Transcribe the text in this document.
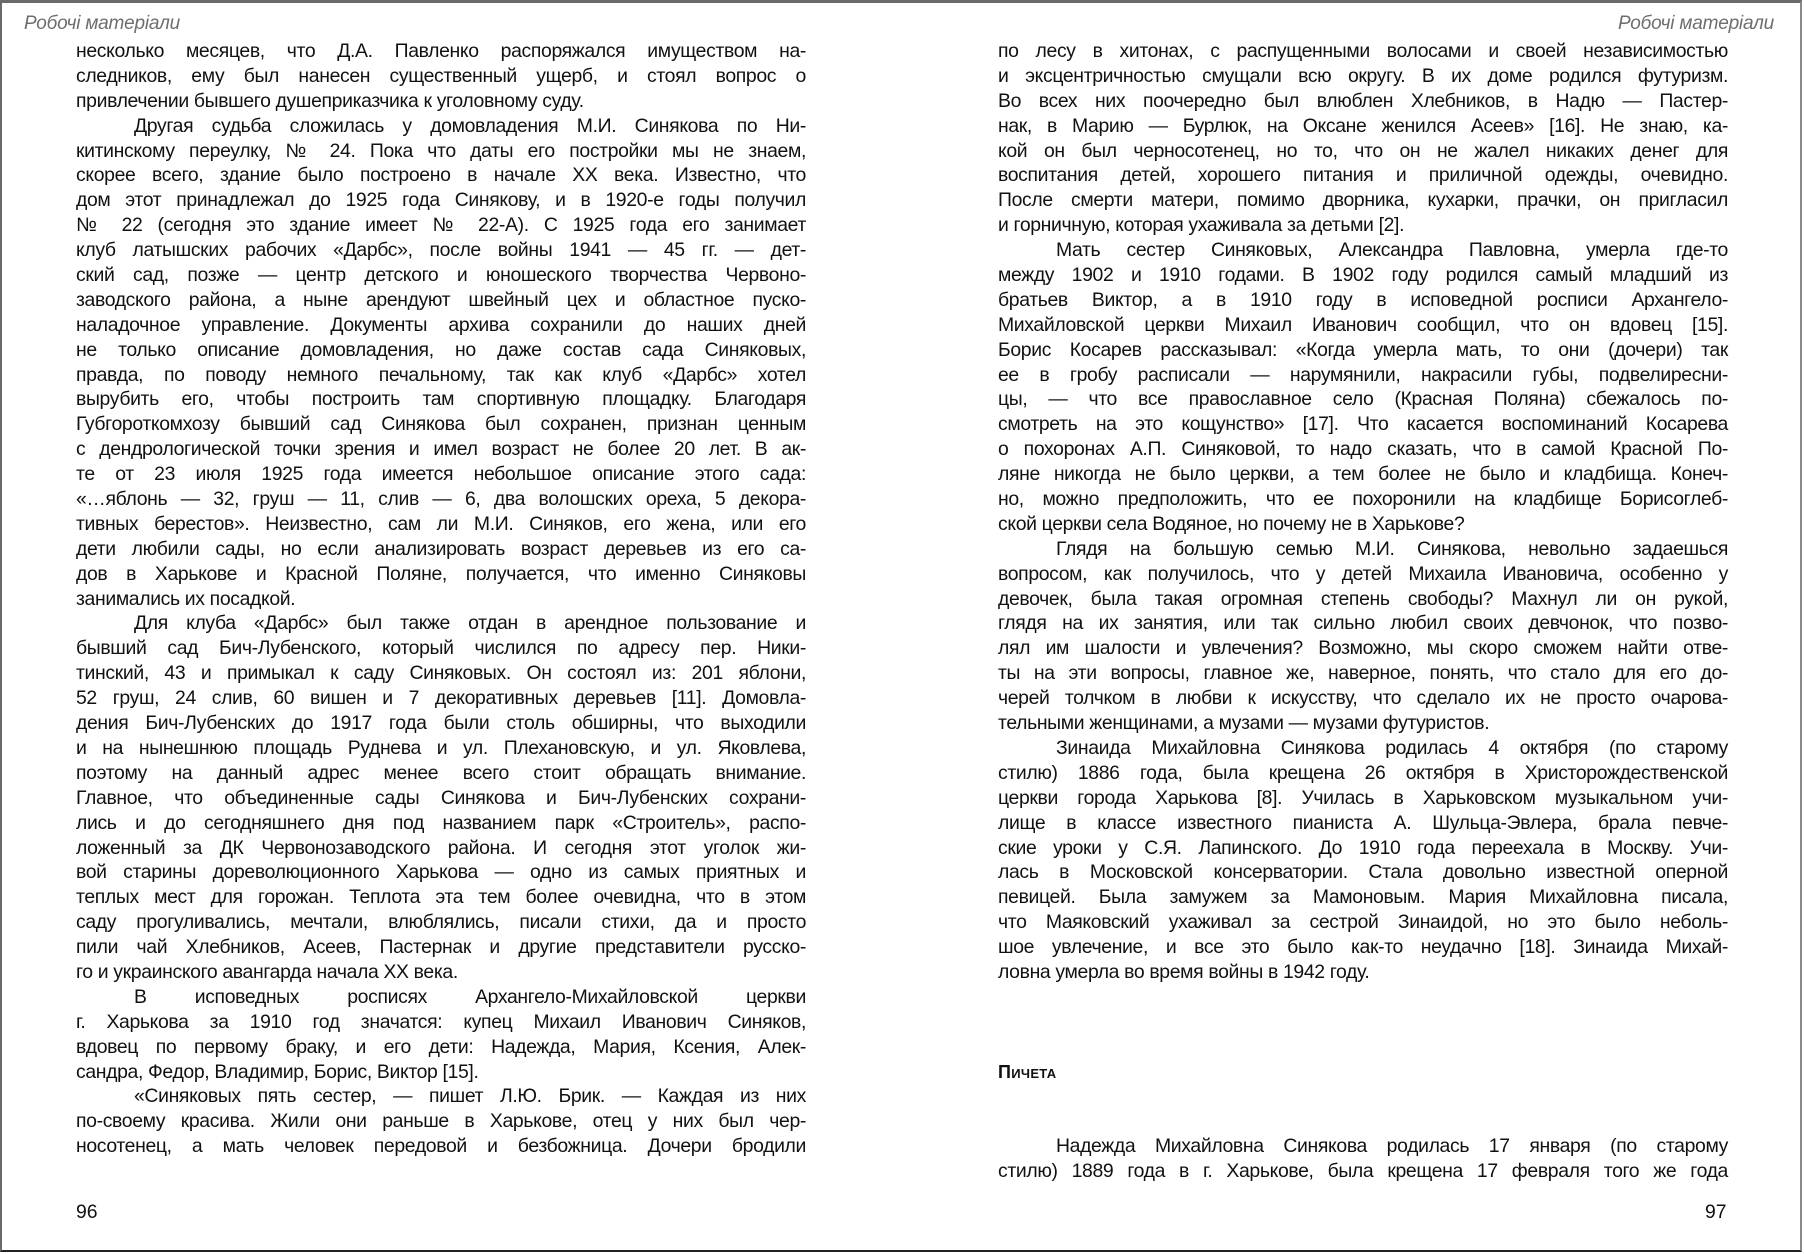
Робочі матеріали
несколько месяцев, что Д.А. Павленко распоряжался имуществом на-
следников, ему был нанесен существенный ущерб, и стоял вопрос о
привлечении бывшего душеприказчика к уголовному суду.
Другая судьба сложилась у домовладения М.И. Синякова по Ни-
китинскому переулку, № 24. Пока что даты его постройки мы не знаем,
скорее всего, здание было построено в начале XX века. Известно, что
дом этот принадлежал до 1925 года Синякову, и в 1920-е годы получил
№ 22 (сегодня это здание имеет № 22-А). С 1925 года его занимает
клуб латышских рабочих «Дарбс», после войны 1941 — 45 гг. — дет-
ский сад, позже — центр детского и юношеского творчества Червоно-
заводского района, а ныне арендуют швейный цех и областное пуско-
наладочное управление. Документы архива сохранили до наших дней
не только описание домовладения, но даже состав сада Синяковых,
правда, по поводу немного печальному, так как клуб «Дарбс» хотел
вырубить его, чтобы построить там спортивную площадку. Благодаря
Губгороткомхозу бывший сад Синякова был сохранен, признан ценным
с дендрологической точки зрения и имел возраст не более 20 лет. В ак-
те от 23 июля 1925 года имеется небольшое описание этого сада:
«…яблонь — 32, груш — 11, слив — 6, два волошских ореха, 5 декора-
тивных берестов». Неизвестно, сам ли М.И. Синяков, его жена, или его
дети любили сады, но если анализировать возраст деревьев из его са-
дов в Харькове и Красной Поляне, получается, что именно Синяковы
занимались их посадкой.
Для клуба «Дарбс» был также отдан в арендное пользование и
бывший сад Бич-Лубенского, который числился по адресу пер. Ники-
тинский, 43 и примыкал к саду Синяковых. Он состоял из: 201 яблони,
52 груш, 24 слив, 60 вишен и 7 декоративных деревьев [11]. Домовла-
дения Бич-Лубенских до 1917 года были столь обширны, что выходили
и на нынешнюю площадь Руднева и ул. Плехановскую, и ул. Яковлева,
поэтому на данный адрес менее всего стоит обращать внимание.
Главное, что объединенные сады Синякова и Бич-Лубенских сохрани-
лись и до сегодняшнего дня под названием парк «Строитель», распо-
ложенный за ДК Червонозаводского района. И сегодня этот уголок жи-
вой старины дореволюционного Харькова — одно из самых приятных и
теплых мест для горожан. Теплота эта тем более очевидна, что в этом
саду прогуливались, мечтали, влюблялись, писали стихи, да и просто
пили чай Хлебников, Асеев, Пастернак и другие представители русско-
го и украинского авангарда начала XX века.
В исповедных росписях Архангело-Михайловской церкви
г. Харькова за 1910 год значатся: купец Михаил Иванович Синяков,
вдовец по первому браку, и его дети: Надежда, Мария, Ксения, Алек-
сандра, Федор, Владимир, Борис, Виктор [15].
«Синяковых пять сестер, — пишет Л.Ю. Брик. — Каждая из них
по-своему красива. Жили они раньше в Харькове, отец у них был чер-
носотенец, а мать человек передовой и безбожница. Дочери бродили
96
Робочі матеріали
по лесу в хитонах, с распущенными волосами и своей независимостью
и эксцентричностью смущали всю округу. В их доме родился футуризм.
Во всех них поочередно был влюблен Хлебников, в Надю — Пастер-
нак, в Марию — Бурлюк, на Оксане женился Асеев» [16]. Не знаю, ка-
кой он был черносотенец, но то, что он не жалел никаких денег для
воспитания детей, хорошего питания и приличной одежды, очевидно.
После смерти матери, помимо дворника, кухарки, прачки, он пригласил
и горничную, которая ухаживала за детьми [2].
Мать сестер Синяковых, Александра Павловна, умерла где-то
между 1902 и 1910 годами. В 1902 году родился самый младший из
братьев Виктор, а в 1910 году в исповедной росписи Архангело-
Михайловской церкви Михаил Иванович сообщил, что он вдовец [15].
Борис Косарев рассказывал: «Когда умерла мать, то они (дочери) так
ее в гробу расписали — нарумянили, накрасили губы, подвелиресни-
цы, — что все православное село (Красная Поляна) сбежалось по-
смотреть на это кощунство» [17]. Что касается воспоминаний Косарева
о похоронах А.П. Синяковой, то надо сказать, что в самой Красной По-
ляне никогда не было церкви, а тем более не было и кладбища. Конеч-
но, можно предположить, что ее похоронили на кладбище Борисоглеб-
ской церкви села Водяное, но почему не в Харькове?
Глядя на большую семью М.И. Синякова, невольно задаешься
вопросом, как получилось, что у детей Михаила Ивановича, особенно у
девочек, была такая огромная степень свободы? Махнул ли он рукой,
глядя на их занятия, или так сильно любил своих девчонок, что позво-
лял им шалости и увлечения? Возможно, мы скоро сможем найти отве-
ты на эти вопросы, главное же, наверное, понять, что стало для его до-
черей толчком в любви к искусству, что сделало их не просто очарова-
тельными женщинами, а музами — музами футуристов.
Зинаида Михайловна Синякова родилась 4 октября (по старому
стилю) 1886 года, была крещена 26 октября в Христорождественской
церкви города Харькова [8]. Училась в Харьковском музыкальном учи-
лище в классе известного пианиста А. Шульца-Эвлера, брала певче-
ские уроки у С.Я. Лапинского. До 1910 года переехала в Москву. Учи-
лась в Московской консерватории. Стала довольно известной оперной
певицей. Была замужем за Мамоновым. Мария Михайловна писала,
что Маяковский ухаживал за сестрой Зинаидой, но это было неболь-
шое увлечение, и все это было как-то неудачно [18]. Зинаида Михай-
ловна умерла во время войны в 1942 году.
Пичета
Надежда Михайловна Синякова родилась 17 января (по старому
стилю) 1889 года в г. Харькове, была крещена 17 февраля того же года
97
